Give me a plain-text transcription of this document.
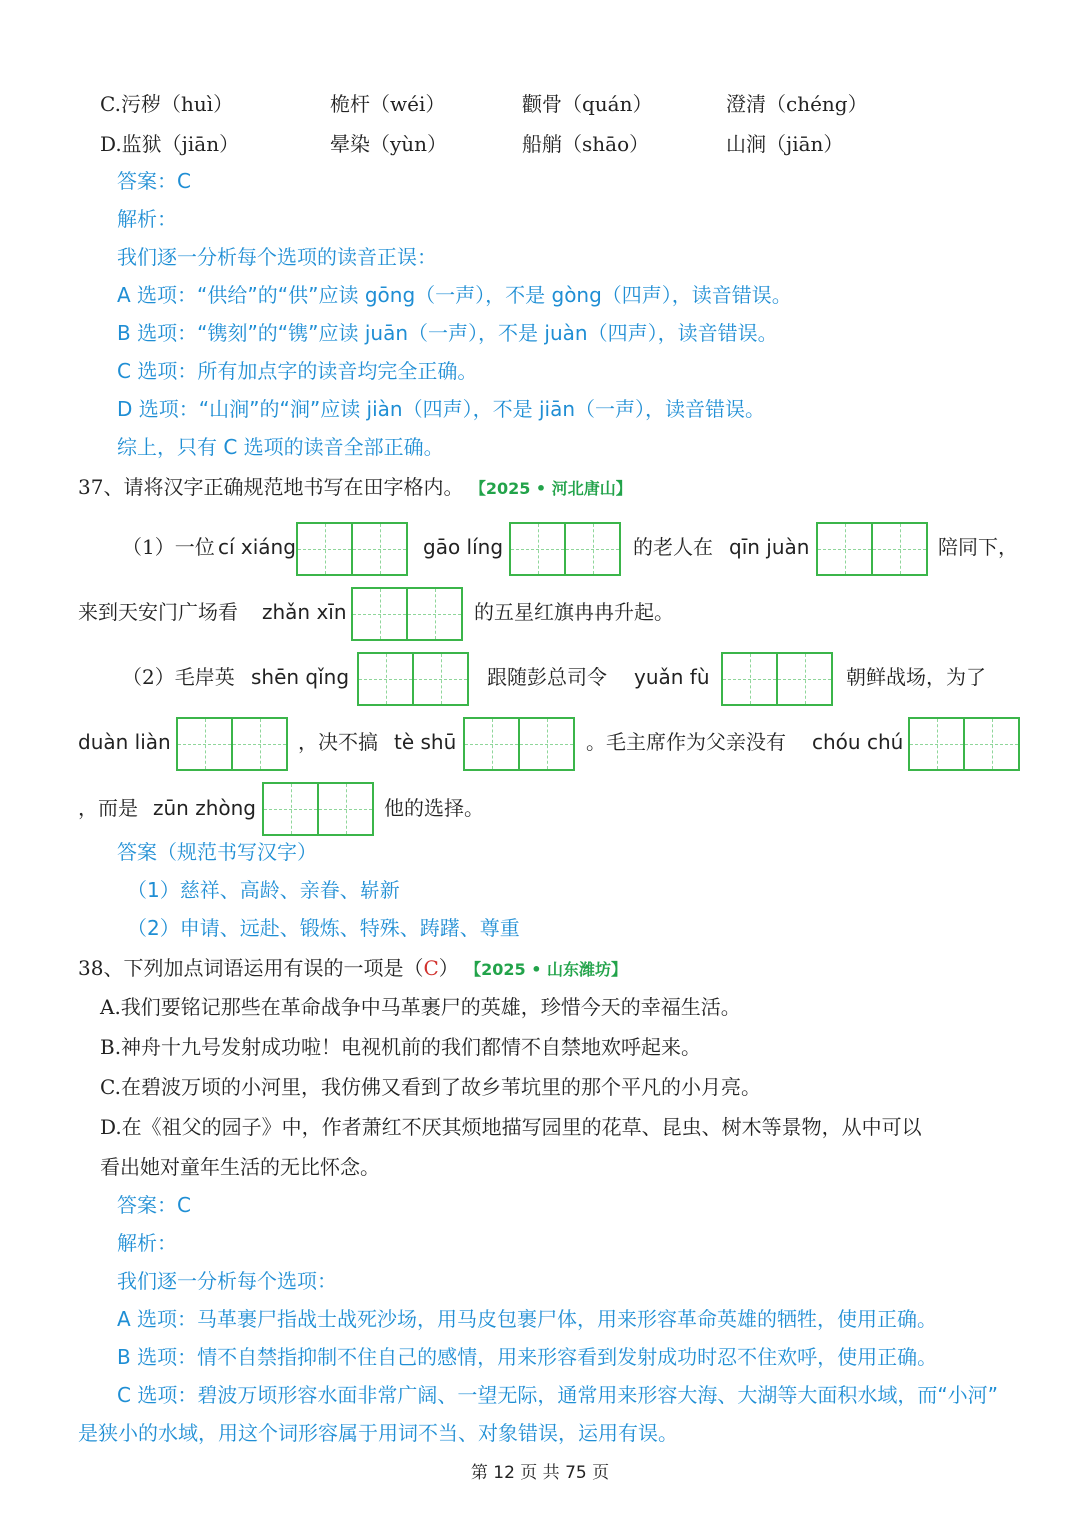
C.污秽（huì）	桅杆（wéi）	颧骨（quán）	澄清（chéng）
D.监狱（jiān）	晕染（yùn）	船艄（shāo）	山涧（jiān）
答案：C
解析：
我们逐一分析每个选项的读音正误：
A 选项：“供给”的“供”应读 gōng（一声），不是 gòng（四声），读音错误。
B 选项：“镌刻”的“镌”应读 juān（一声），不是 juàn（四声），读音错误。
C 选项：所有加点字的读音均完全正确。
D 选项：“山涧”的“涧”应读 jiàn（四声），不是 jiān（一声），读音错误。
综上，只有 C 选项的读音全部正确。
37、请将汉字正确规范地书写在田字格内。 【2025 • 河北唐山】
（1）一位 cí xiáng	gāo líng	的老人在 qīn juàn	陪同下，
来到天安门广场看 zhǎn xīn	的五星红旗冉冉升起。
（2）毛岸英 shēn qǐng	跟随彭总司令 yuǎn fù	朝鲜战场，为了
duàn liàn	，决不搞 tè shū	。毛主席作为父亲没有 chóu chú
，而是 zūn zhòng	他的选择。
答案（规范书写汉字）
（1）慈祥、高龄、亲眷、崭新
（2）申请、远赴、锻炼、特殊、踌躇、尊重
38、下列加点词语运用有误的一项是（C） 【2025 • 山东潍坊】
A.我们要铭记那些在革命战争中马革裹尸的英雄，珍惜今天的幸福生活。
B.神舟十九号发射成功啦！电视机前的我们都情不自禁地欢呼起来。
C.在碧波万顷的小河里，我仿佛又看到了故乡苇坑里的那个平凡的小月亮。
D.在《祖父的园子》中，作者萧红不厌其烦地描写园里的花草、昆虫、树木等景物，从中可以
看出她对童年生活的无比怀念。
答案：C
解析：
我们逐一分析每个选项：
A 选项：马革裹尸指战士战死沙场，用马皮包裹尸体，用来形容革命英雄的牺牲，使用正确。
B 选项：情不自禁指抑制不住自己的感情，用来形容看到发射成功时忍不住欢呼，使用正确。
C 选项：碧波万顷形容水面非常广阔、一望无际，通常用来形容大海、大湖等大面积水域，而“小河”
是狭小的水域，用这个词形容属于用词不当、对象错误，运用有误。
第 12 页 共 75 页
